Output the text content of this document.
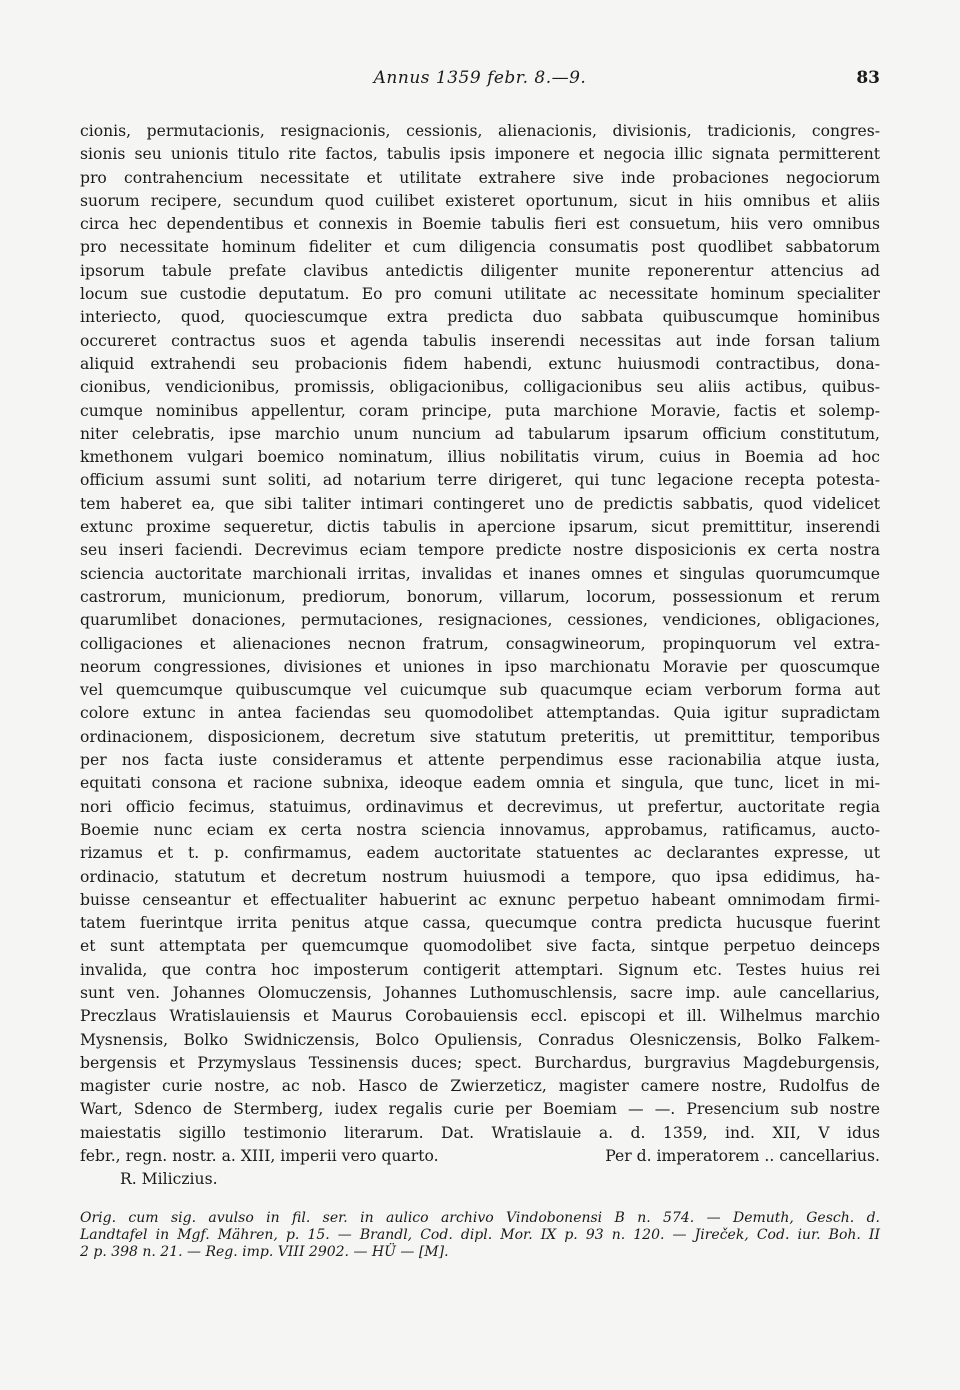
Annus 1359 febr. 8.—9.	83
cionis, permutacionis, resignacionis, cessionis, alienacionis, divisionis, tradicionis, congres-
sionis seu unionis titulo rite factos, tabulis ipsis imponere et negocia illic signata permitterent
pro contrahencium necessitate et utilitate extrahere sive inde probaciones negociorum
suorum recipere, secundum quod cuilibet existeret oportunum, sicut in hiis omnibus et aliis
circa hec dependentibus et connexis in Boemie tabulis fieri est consuetum, hiis vero omnibus
pro necessitate hominum fideliter et cum diligencia consumatis post quodlibet sabbatorum
ipsorum tabule prefate clavibus antedictis diligenter munite reponerentur attencius ad
locum sue custodie deputatum. Eo pro comuni utilitate ac necessitate hominum specialiter
interiecto, quod, quociescumque extra predicta duo sabbata quibuscumque hominibus
occureret contractus suos et agenda tabulis inserendi necessitas aut inde forsan talium
aliquid extrahendi seu probacionis fidem habendi, extunc huiusmodi contractibus, dona-
cionibus, vendicionibus, promissis, obligacionibus, colligacionibus seu aliis actibus, quibus-
cumque nominibus appellentur, coram principe, puta marchione Moravie, factis et solemp-
niter celebratis, ipse marchio unum nuncium ad tabularum ipsarum officium constitutum,
kmethonem vulgari boemico nominatum, illius nobilitatis virum, cuius in Boemia ad hoc
officium assumi sunt soliti, ad notarium terre dirigeret, qui tunc legacione recepta potesta-
tem haberet ea, que sibi taliter intimari contingeret uno de predictis sabbatis, quod videlicet
extunc proxime sequeretur, dictis tabulis in apercione ipsarum, sicut premittitur, inserendi
seu inseri faciendi. Decrevimus eciam tempore predicte nostre disposicionis ex certa nostra
sciencia auctoritate marchionali irritas, invalidas et inanes omnes et singulas quorumcumque
castrorum, municionum, prediorum, bonorum, villarum, locorum, possessionum et rerum
quarumlibet donaciones, permutaciones, resignaciones, cessiones, vendiciones, obligaciones,
colligaciones et alienaciones necnon fratrum, consagwineorum, propinquorum vel extra-
neorum congressiones, divisiones et uniones in ipso marchionatu Moravie per quoscumque
vel quemcumque quibuscumque vel cuicumque sub quacumque eciam verborum forma aut
colore extunc in antea faciendas seu quomodolibet attemptandas. Quia igitur supradictam
ordinacionem, disposicionem, decretum sive statutum preteritis, ut premittitur, temporibus
per nos facta iuste consideramus et attente perpendimus esse racionabilia atque iusta,
equitati consona et racione subnixa, ideoque eadem omnia et singula, que tunc, licet in mi-
nori officio fecimus, statuimus, ordinavimus et decrevimus, ut prefertur, auctoritate regia
Boemie nunc eciam ex certa nostra sciencia innovamus, approbamus, ratificamus, aucto-
rizamus et t. p. confirmamus, eadem auctoritate statuentes ac declarantes expresse, ut
ordinacio, statutum et decretum nostrum huiusmodi a tempore, quo ipsa edidimus, ha-
buisse censeantur et effectualiter habuerint ac exnunc perpetuo habeant omnimodam firmi-
tatem fuerintque irrita penitus atque cassa, quecumque contra predicta hucusque fuerint
et sunt attemptata per quemcumque quomodolibet sive facta, sintque perpetuo deinceps
invalida, que contra hoc imposterum contigerit attemptari. Signum etc. Testes huius rei
sunt ven. Johannes Olomuczensis, Johannes Luthomuschlensis, sacre imp. aule cancellarius,
Preczlaus Wratislauiensis et Maurus Corobauiensis eccl. episcopi et ill. Wilhelmus marchio
Mysnensis, Bolko Swidniczensis, Bolco Opuliensis, Conradus Olesniczensis, Bolko Falkem-
bergensis et Przymyslaus Tessinensis duces; spect. Burchardus, burgravius Magdeburgensis,
magister curie nostre, ac nob. Hasco de Zwierzeticz, magister camere nostre, Rudolfus de
Wart, Sdenco de Stermberg, iudex regalis curie per Boemiam — —. Presencium sub nostre
maiestatis sigillo testimonio literarum. Dat. Wratislauie a. d. 1359, ind. XII, V idus
febr., regn. nostr. a. XIII, imperii vero quarto.	Per d. imperatorem .. cancellarius.
R. Miliczius.
Orig. cum sig. avulso in fil. ser. in aulico archivo Vindobonensi B n. 574. — Demuth, Gesch. d.
Landtafel in Mgf. Mähren, p. 15. — Brandl, Cod. dipl. Mor. IX p. 93 n. 120. — Jireček, Cod. iur. Boh. II
2 p. 398 n. 21. — Reg. imp. VIII 2902. — HÜ — [M].
